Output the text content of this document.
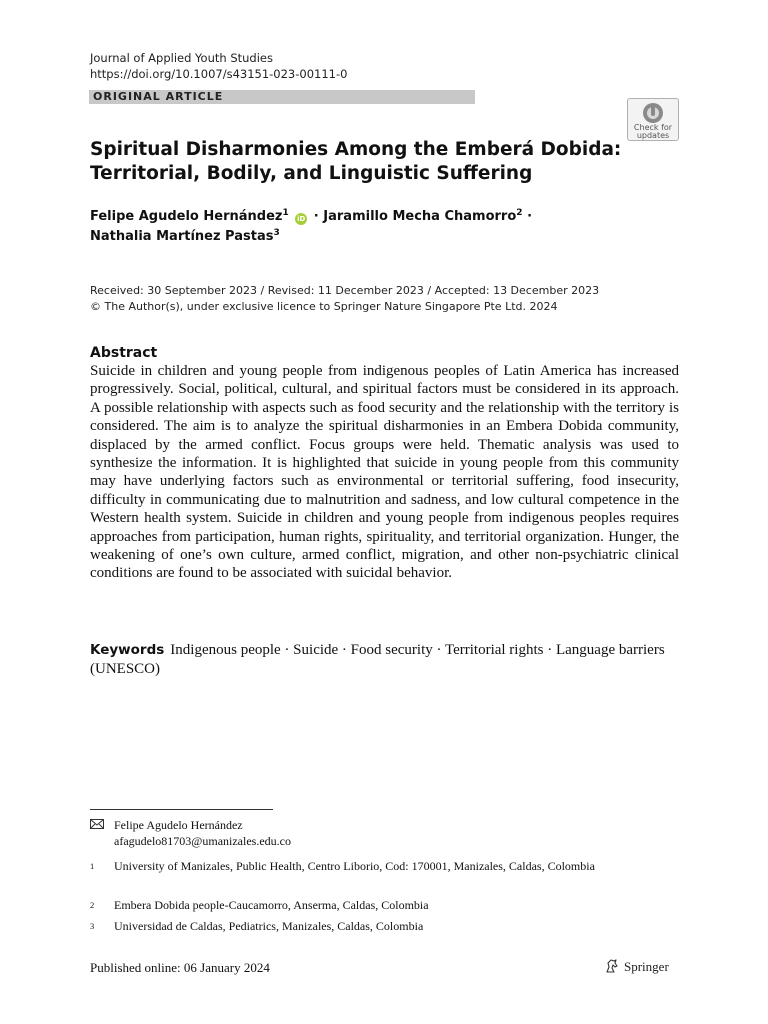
Journal of Applied Youth Studies
https://doi.org/10.1007/s43151-023-00111-0
ORIGINAL ARTICLE
Check for
updates
Spiritual Disharmonies Among the Emberá Dobida:
Territorial, Bodily, and Linguistic Suffering
Felipe Agudelo Hernández$^1$ iD · Jaramillo Mecha Chamorro$^2$ ·
Nathalia Martínez Pastas$^3$
Received: 30 September 2023 / Revised: 11 December 2023 / Accepted: 13 December 2023
© The Author(s), under exclusive licence to Springer Nature Singapore Pte Ltd. 2024
Abstract
Suicide in children and young people from indigenous peoples of Latin America has increased progressively. Social, political, cultural, and spiritual factors must be considered in its approach. A possible relationship with aspects such as food security and the relationship with the territory is considered. The aim is to analyze the spiritual disharmonies in an Embera Dobida community, displaced by the armed conflict. Focus groups were held. Thematic analysis was used to synthesize the information. It is highlighted that suicide in young people from this community may have underlying factors such as environmental or territorial suffering, food insecurity, difficulty in communicating due to malnutrition and sadness, and low cultural competence in the Western health system. Suicide in children and young people from indigenous peoples requires approaches from participation, human rights, spirituality, and territorial organization. Hunger, the weakening of one’s own culture, armed conflict, migration, and other non-psychiatric clinical conditions are found to be associated with suicidal behavior.
Keywords Indigenous people · Suicide · Food security · Territorial rights · Language barriers (UNESCO)
Felipe Agudelo Hernández
afagudelo81703@umanizales.edu.co
1 University of Manizales, Public Health, Centro Liborio, Cod: 170001, Manizales, Caldas, Colombia
2 Embera Dobida people-Caucamorro, Anserma, Caldas, Colombia
3 Universidad de Caldas, Pediatrics, Manizales, Caldas, Colombia
Published online: 06 January 2024	Springer
